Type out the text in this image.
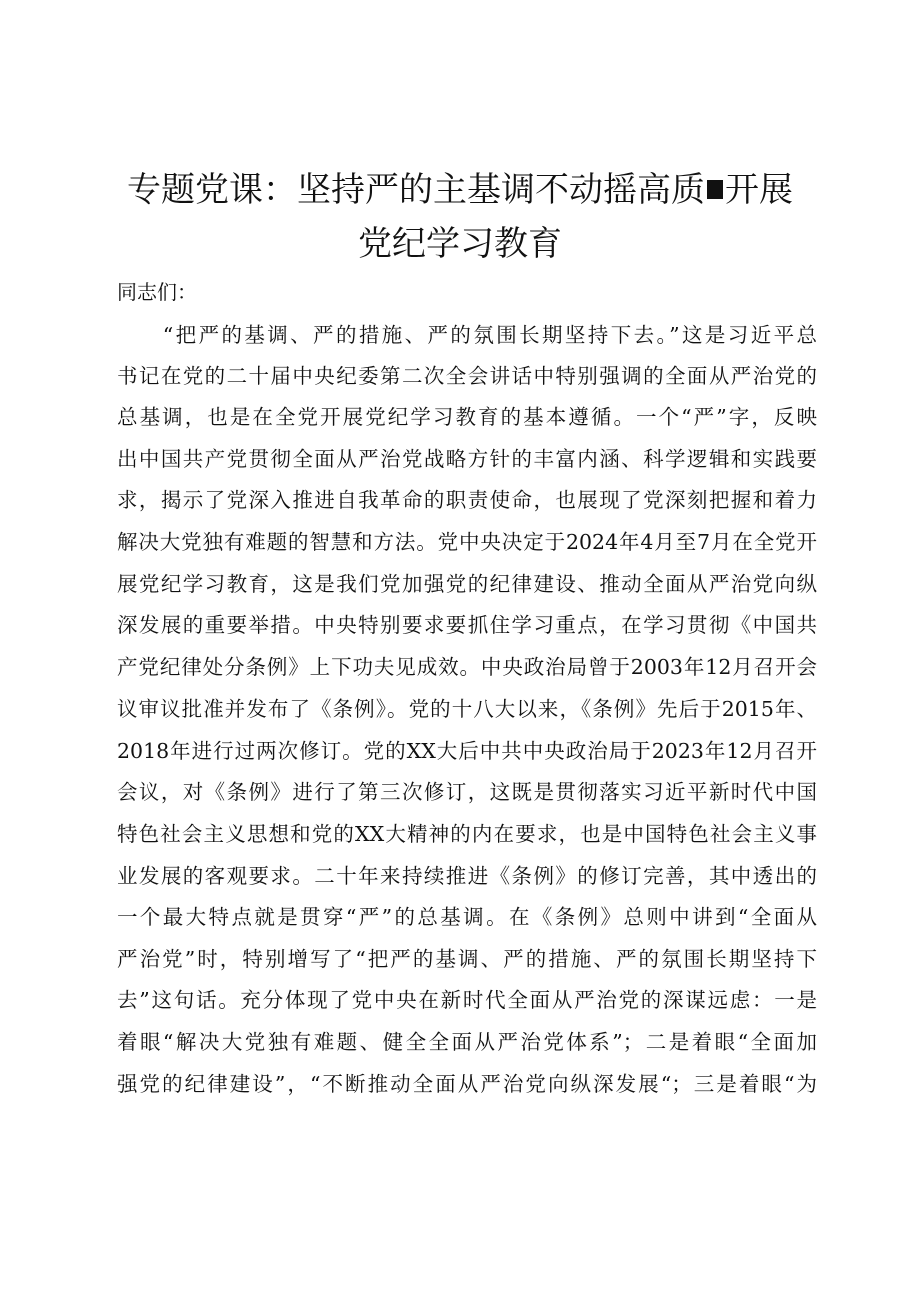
专题党课：坚持严的主基调不动摇高质 开展
党纪学习教育
同志们：
　　“把严的基调、严的措施、严的氛围长期坚持下去。”这是习近平总
书记在党的二十届中央纪委第二次全会讲话中特别强调的全面从严治党的
总基调，也是在全党开展党纪学习教育的基本遵循。一个“严”字，反映
出中国共产党贯彻全面从严治党战略方针的丰富内涵、科学逻辑和实践要
求，揭示了党深入推进自我革命的职责使命，也展现了党深刻把握和着力
解决大党独有难题的智慧和方法。党中央决定于2024年4月至7月在全党开
展党纪学习教育，这是我们党加强党的纪律建设、推动全面从严治党向纵
深发展的重要举措。中央特别要求要抓住学习重点，在学习贯彻《中国共
产党纪律处分条例》上下功夫见成效。中央政治局曾于2003年12月召开会
议审议批准并发布了《条例》。党的十八大以来，《条例》先后于2015年、
2018年进行过两次修订。党的XX大后中共中央政治局于2023年12月召开
会议，对《条例》进行了第三次修订，这既是贯彻落实习近平新时代中国
特色社会主义思想和党的XX大精神的内在要求，也是中国特色社会主义事
业发展的客观要求。二十年来持续推进《条例》的修订完善，其中透出的
一个最大特点就是贯穿“严”的总基调。在《条例》总则中讲到“全面从
严治党”时，特别增写了“把严的基调、严的措施、严的氛围长期坚持下
去”这句话。充分体现了党中央在新时代全面从严治党的深谋远虑：一是
着眼“解决大党独有难题、健全全面从严治党体系”；二是着眼“全面加
强党的纪律建设”，“不断推动全面从严治党向纵深发展“；三是着眼“为
